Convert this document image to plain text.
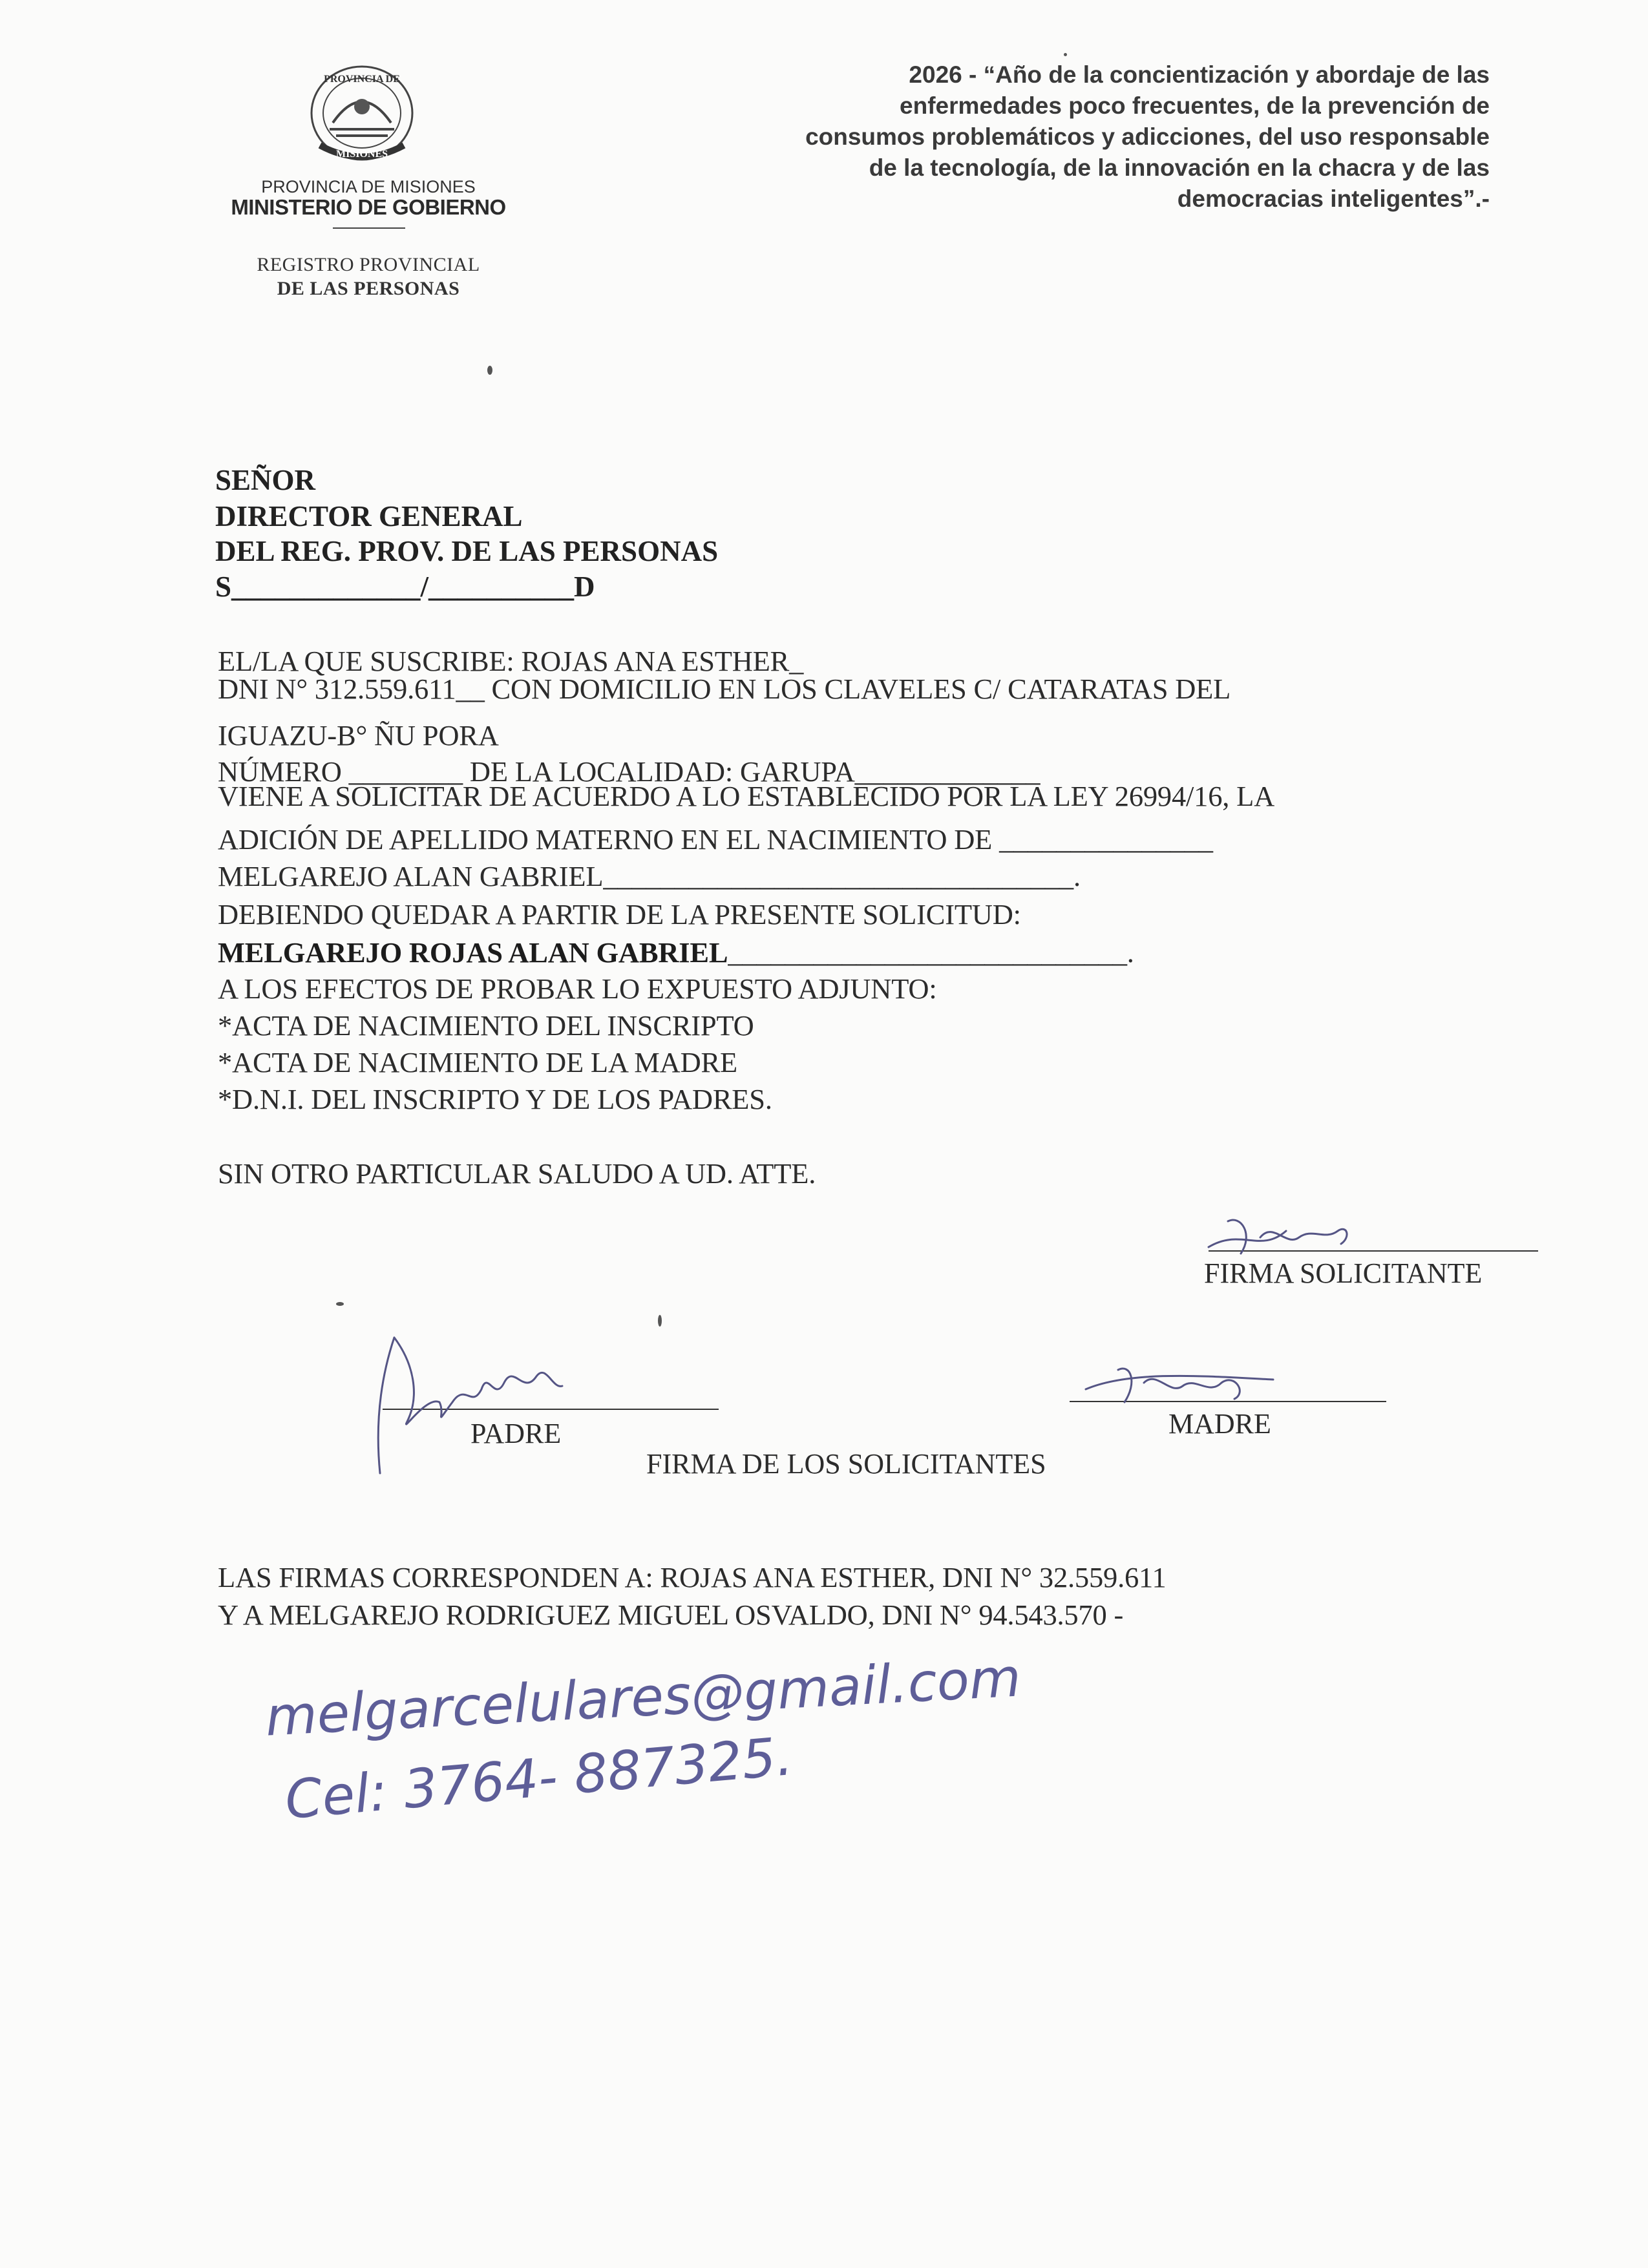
PROVINCIA DE
MISIONES
PROVINCIA DE MISIONES
MINISTERIO DE GOBIERNO
REGISTRO PROVINCIAL
DE LAS PERSONAS
2026 - “Año de la concientización y abordaje de las
enfermedades poco frecuentes, de la prevención de
consumos problemáticos y adicciones, del uso responsable
de la tecnología, de la innovación en la chacra y de las
democracias inteligentes”.-
SEÑOR
DIRECTOR GENERAL
DEL REG. PROV. DE LAS PERSONAS
S_____________/__________D
EL/LA QUE SUSCRIBE: ROJAS ANA ESTHER_
DNI N° 312.559.611__ CON DOMICILIO EN LOS CLAVELES C/ CATARATAS DEL
IGUAZU-B° ÑU PORA
NÚMERO ________ DE LA LOCALIDAD: GARUPA_____________
VIENE A SOLICITAR DE ACUERDO A LO ESTABLECIDO POR LA LEY 26994/16, LA
ADICIÓN DE APELLIDO MATERNO EN EL NACIMIENTO DE _______________
MELGAREJO ALAN GABRIEL_________________________________.
DEBIENDO QUEDAR A PARTIR DE LA PRESENTE SOLICITUD:
MELGAREJO ROJAS ALAN GABRIEL____________________________.
A LOS EFECTOS DE PROBAR LO EXPUESTO ADJUNTO:
*ACTA DE NACIMIENTO DEL INSCRIPTO
*ACTA DE NACIMIENTO DE LA MADRE
*D.N.I. DEL INSCRIPTO Y DE LOS PADRES.
SIN OTRO PARTICULAR SALUDO A UD. ATTE.
FIRMA SOLICITANTE
PADRE	MADRE
FIRMA DE LOS SOLICITANTES
LAS FIRMAS CORRESPONDEN A: ROJAS ANA ESTHER, DNI N° 32.559.611
Y A MELGAREJO RODRIGUEZ MIGUEL OSVALDO, DNI N° 94.543.570 -
melgarcelulares@gmail.com
Cel: 3764- 887325.
